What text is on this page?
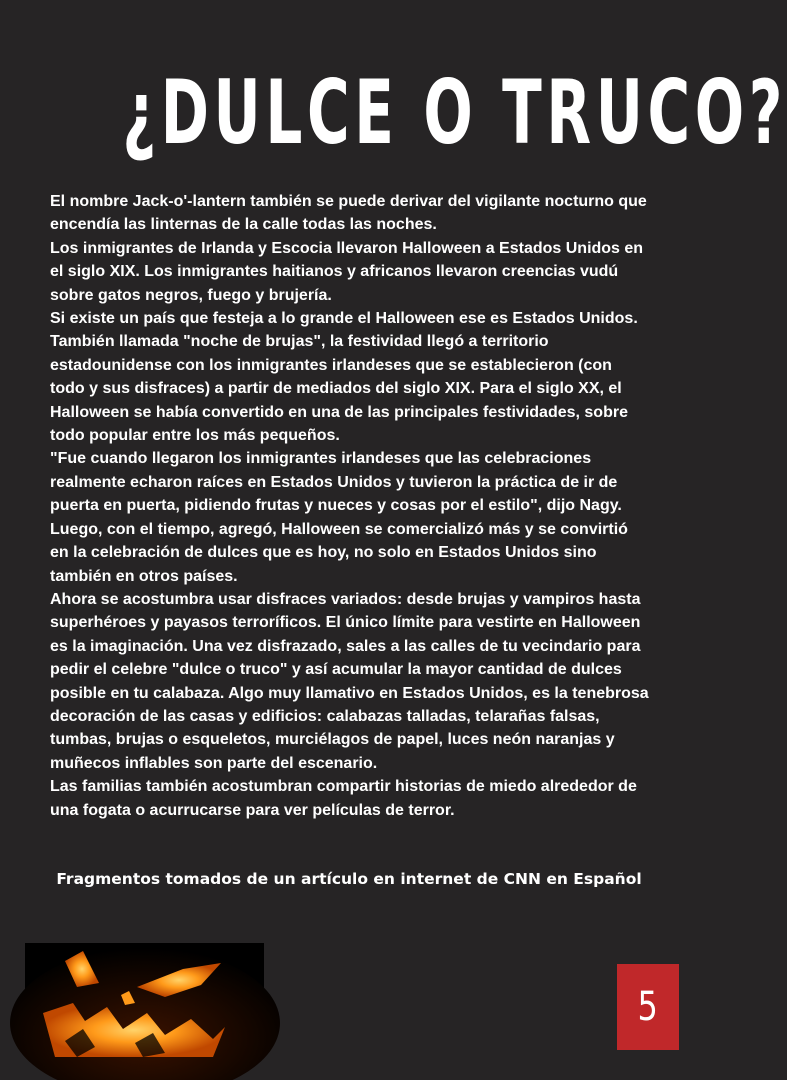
¿DULCE O TRUCO?

El nombre Jack-o'-lantern también se puede derivar del vigilante nocturno que encendía las linternas de la calle todas las noches.

Los inmigrantes de Irlanda y Escocia llevaron Halloween a Estados Unidos en el siglo XIX. Los inmigrantes haitianos y africanos llevaron creencias vudú sobre gatos negros, fuego y brujería.

Si existe un país que festeja a lo grande el Halloween ese es Estados Unidos. También llamada "noche de brujas", la festividad llegó a territorio estadounidense con los inmigrantes irlandeses que se establecieron (con todo y sus disfraces) a partir de mediados del siglo XIX. Para el siglo XX, el Halloween se había convertido en una de las principales festividades, sobre todo popular entre los más pequeños.

"Fue cuando llegaron los inmigrantes irlandeses que las celebraciones realmente echaron raíces en Estados Unidos y tuvieron la práctica de ir de puerta en puerta, pidiendo frutas y nueces y cosas por el estilo", dijo Nagy.

Luego, con el tiempo, agregó, Halloween se comercializó más y se convirtió en la celebración de dulces que es hoy, no solo en Estados Unidos sino también en otros países.

Ahora se acostumbra usar disfraces variados: desde brujas y vampiros hasta superhéroes y payasos terroríficos. El único límite para vestirte en Halloween es la imaginación. Una vez disfrazado, sales a las calles de tu vecindario para pedir el celebre "dulce o truco" y así acumular la mayor cantidad de dulces posible en tu calabaza. Algo muy llamativo en Estados Unidos, es la tenebrosa decoración de las casas y edificios: calabazas talladas, telarañas falsas, tumbas, brujas o esqueletos, murciélagos de papel, luces neón naranjas y muñecos inflables son parte del escenario.

Las familias también acostumbran compartir historias de miedo alrededor de una fogata o acurrucarse para ver películas de terror.

Fragmentos tomados de un artículo en internet de CNN en Español

5
